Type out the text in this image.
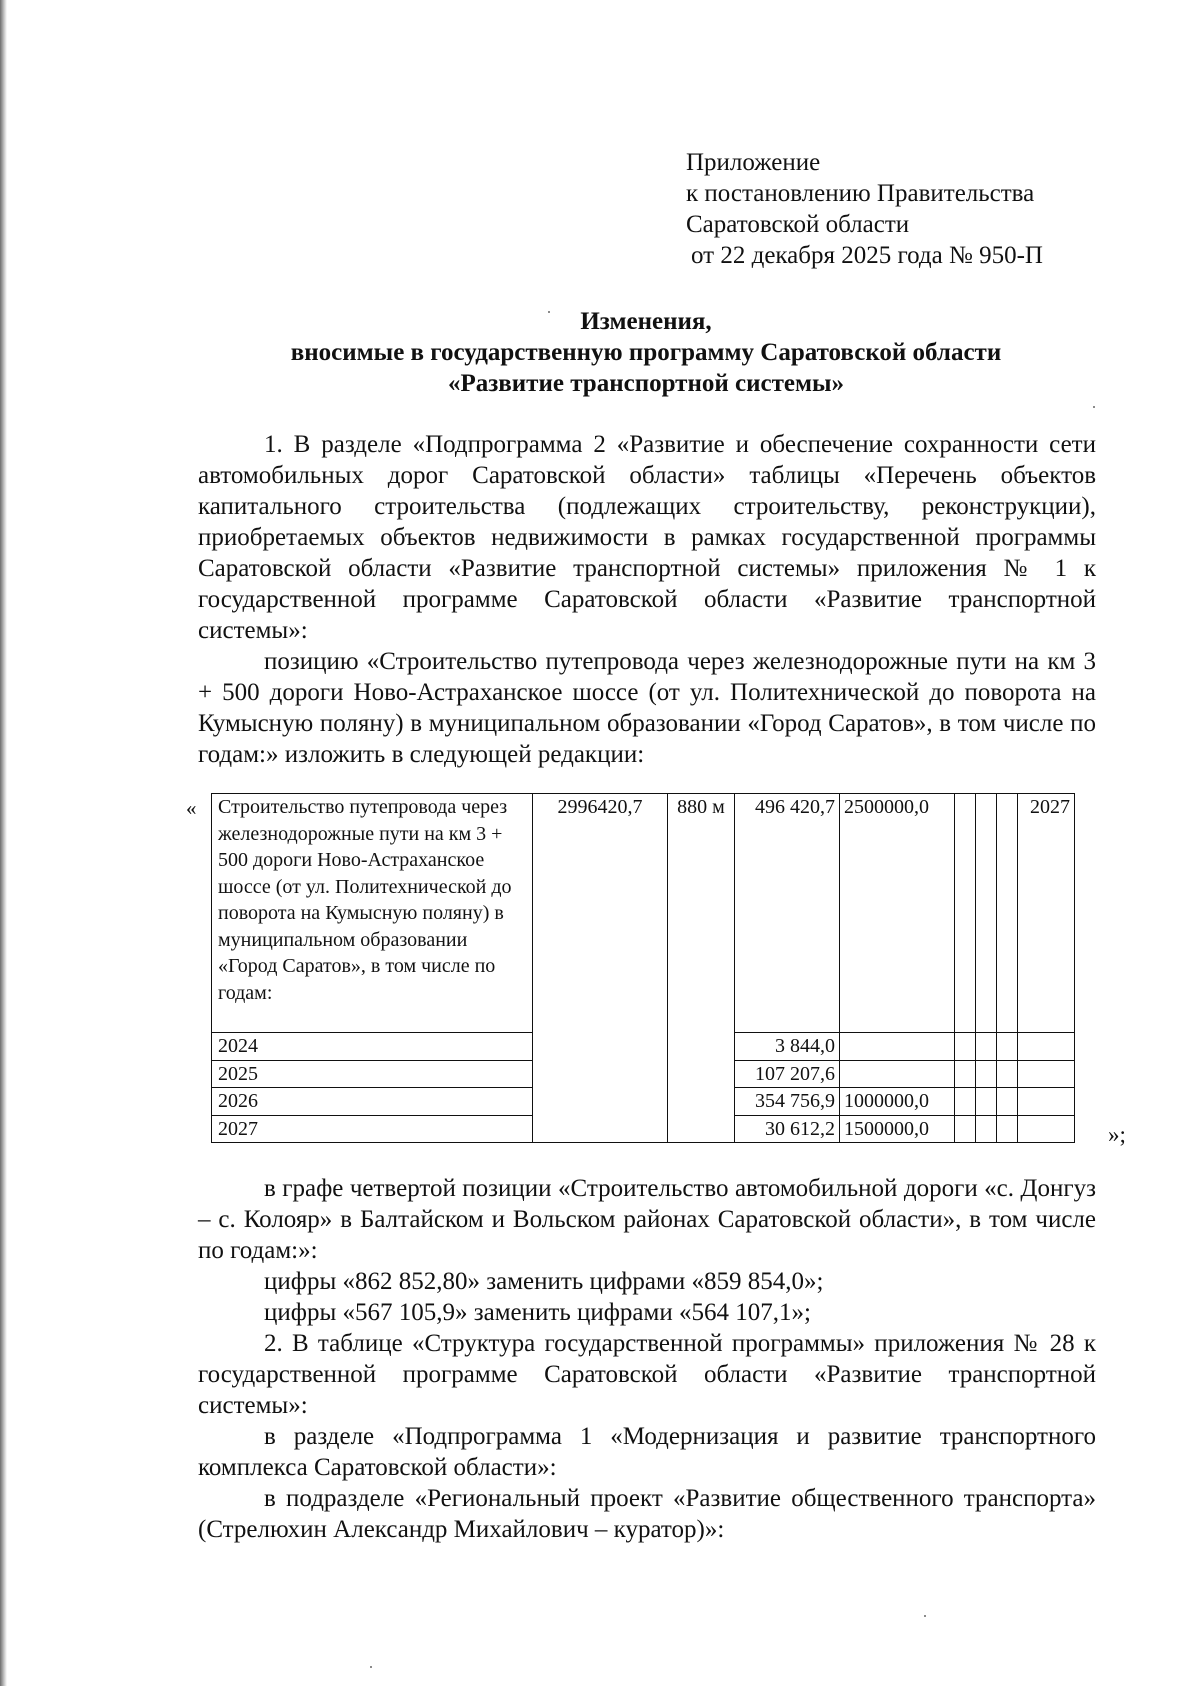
Приложение
к постановлению Правительства
Саратовской области
от 22 декабря 2025 года № 950-П
Изменения,
вносимые в государственную программу Саратовской области
«Развитие транспортной системы»

1. В разделе «Подпрограмма 2 «Развитие и обеспечение сохранности сети автомобильных дорог Саратовской области» таблицы «Перечень объектов капитального строительства (подлежащих строительству, реконструкции), приобретаемых объектов недвижимости в рамках государственной программы Саратовской области «Развитие транспортной системы» приложения № 1 к государственной программе Саратовской области «Развитие транспортной системы»:

позицию «Строительство путепровода через железнодорожные пути на км 3 + 500 дороги Ново-Астраханское шоссе (от ул. Политехнической до поворота на Кумысную поляну) в муниципальном образовании «Город Саратов», в том числе по годам:» изложить в следующей редакции:

« Строительство путепровода через железнодорожные пути на км 3 + 500 дороги Ново-Астраханское шоссе (от ул. Политехнической до поворота на Кумысную поляну) в муниципальном образовании «Город Саратов», в том числе по годам:	2996420,7	880 м	496 420,7	2500000,0				2027
2024			3 844,0					
2025			107 207,6					
2026			354 756,9	1000000,0				
2027			30 612,2	1500000,0					»;

в графе четвертой позиции «Строительство автомобильной дороги «с. Донгуз – с. Колояр» в Балтайском и Вольском районах Саратовской области», в том числе по годам:»:

цифры «862 852,80» заменить цифрами «859 854,0»;

цифры «567 105,9» заменить цифрами «564 107,1»;

2. В таблице «Структура государственной программы» приложения № 28 к государственной программе Саратовской области «Развитие транспортной системы»:

в разделе «Подпрограмма 1 «Модернизация и развитие транспортного комплекса Саратовской области»:

в подразделе «Региональный проект «Развитие общественного транспорта» (Стрелюхин Александр Михайлович – куратор)»:
